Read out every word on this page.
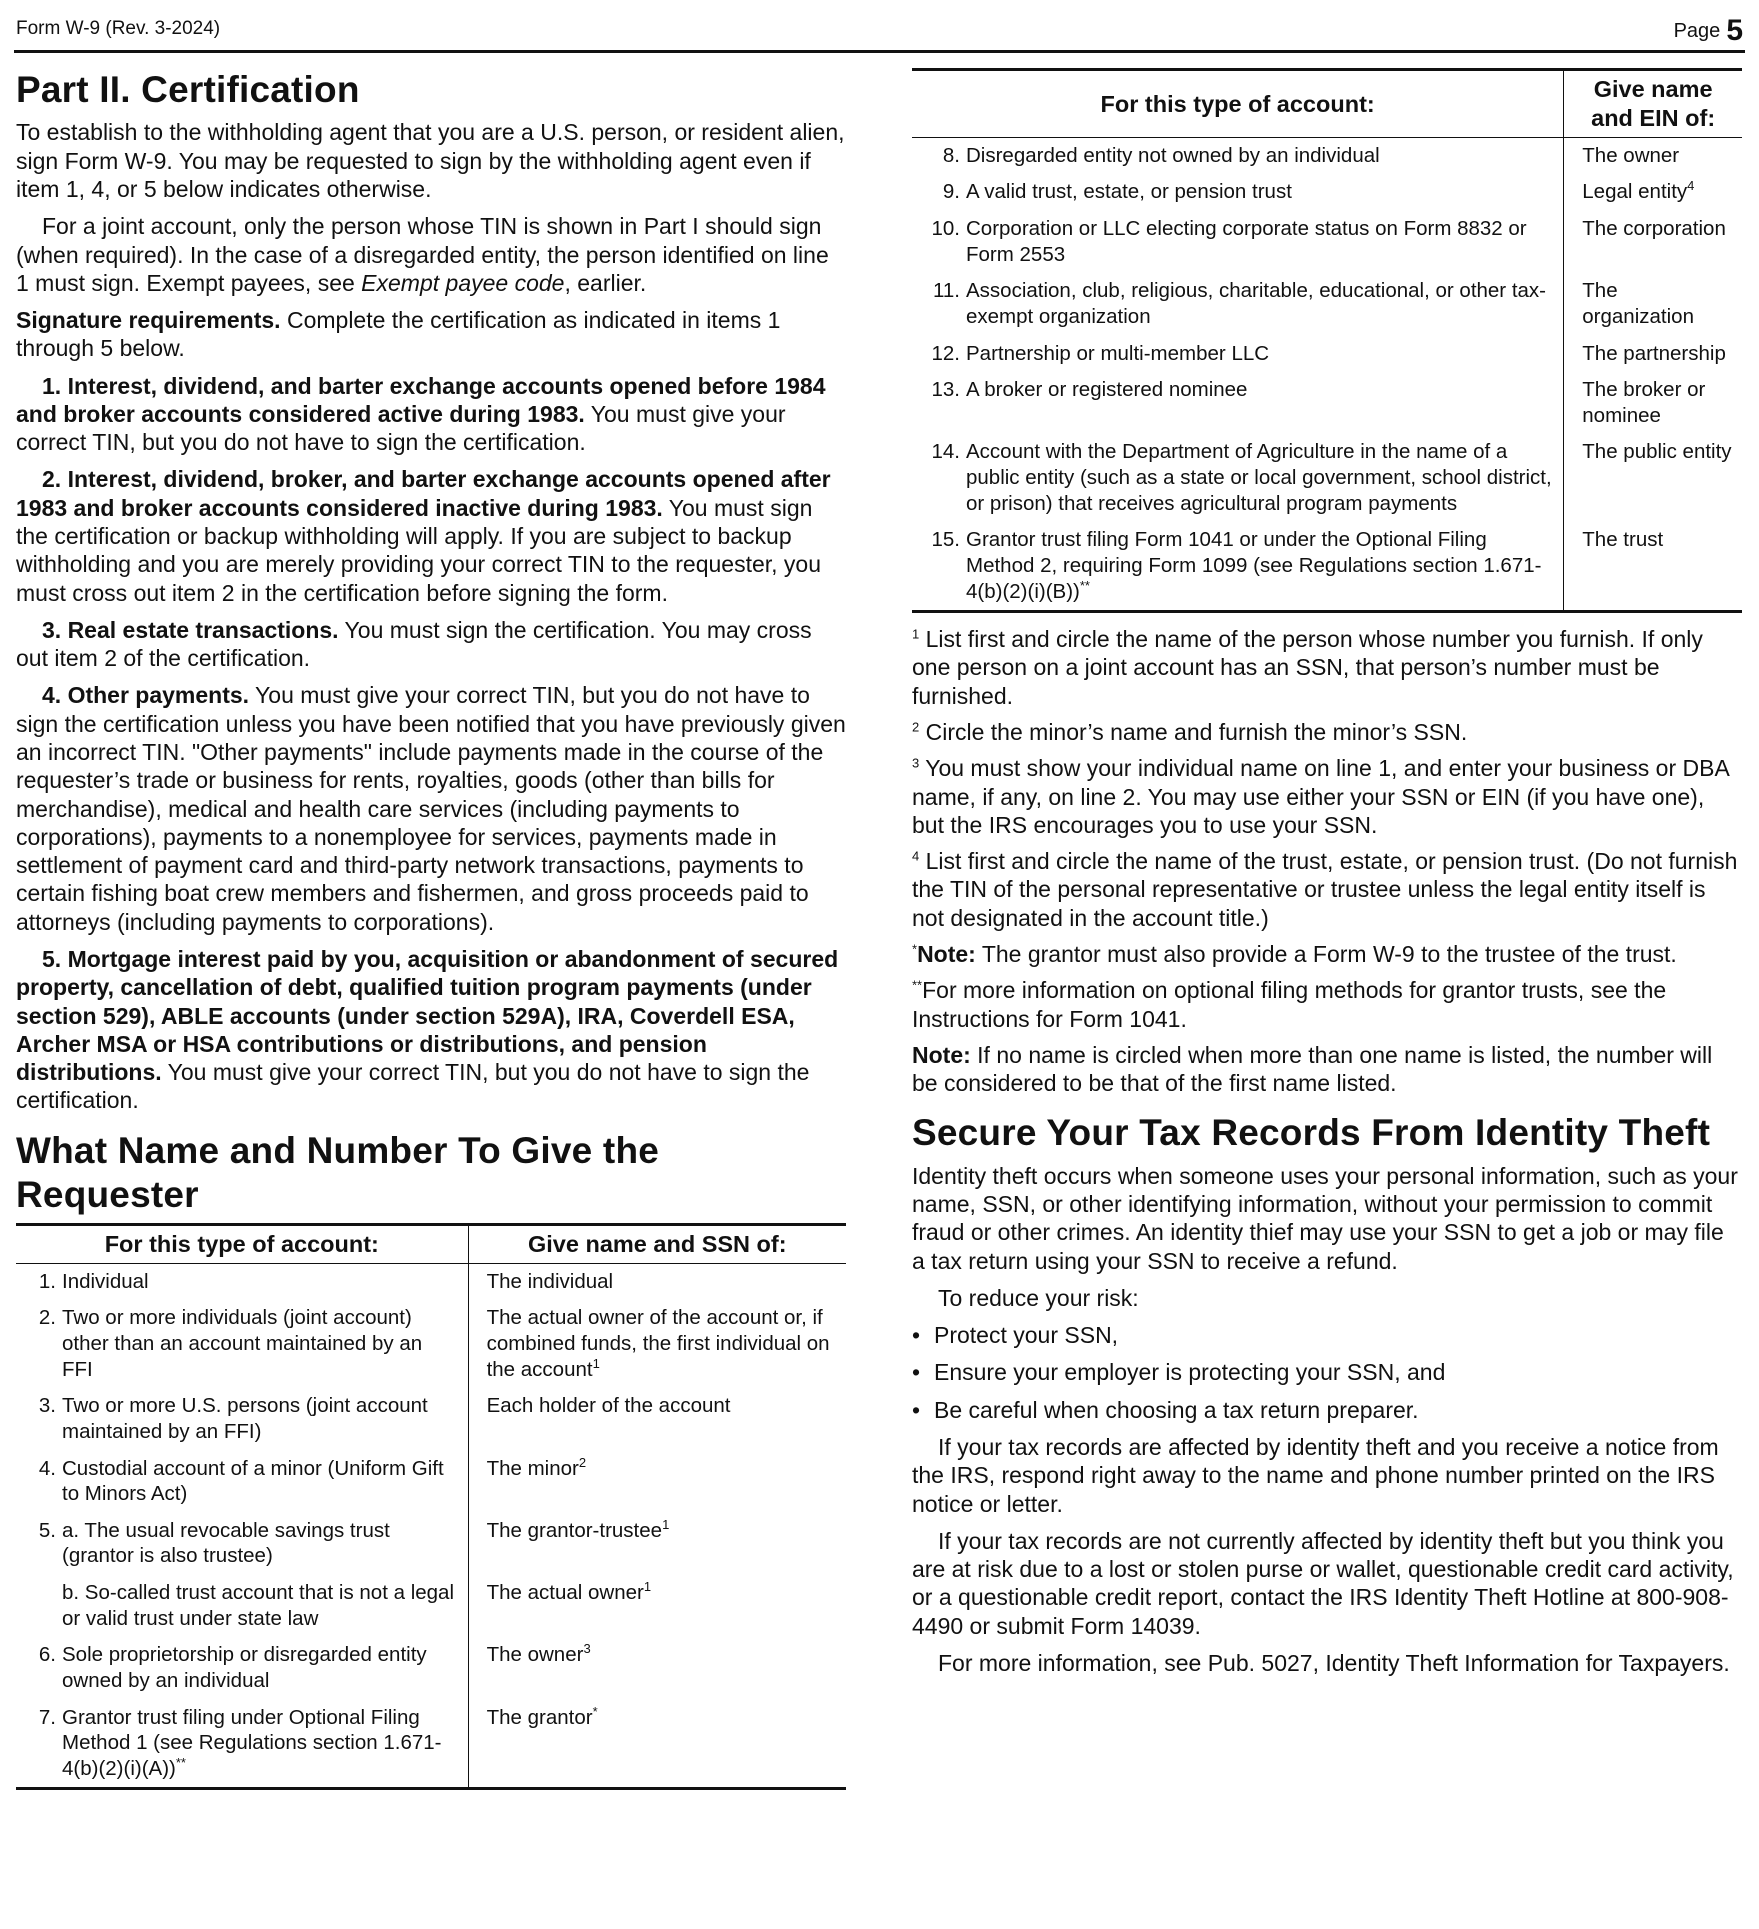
Form W-9 (Rev. 3-2024)	Page 5
Part II. Certification

To establish to the withholding agent that you are a U.S. person, or resident alien, sign Form W-9. You may be requested to sign by the withholding agent even if item 1, 4, or 5 below indicates otherwise.

For a joint account, only the person whose TIN is shown in Part I should sign (when required). In the case of a disregarded entity, the person identified on line 1 must sign. Exempt payees, see Exempt payee code, earlier.

Signature requirements. Complete the certification as indicated in items 1 through 5 below.

1. Interest, dividend, and barter exchange accounts opened before 1984 and broker accounts considered active during 1983. You must give your correct TIN, but you do not have to sign the certification.

2. Interest, dividend, broker, and barter exchange accounts opened after 1983 and broker accounts considered inactive during 1983. You must sign the certification or backup withholding will apply. If you are subject to backup withholding and you are merely providing your correct TIN to the requester, you must cross out item 2 in the certification before signing the form.

3. Real estate transactions. You must sign the certification. You may cross out item 2 of the certification.

4. Other payments. You must give your correct TIN, but you do not have to sign the certification unless you have been notified that you have previously given an incorrect TIN. "Other payments" include payments made in the course of the requester’s trade or business for rents, royalties, goods (other than bills for merchandise), medical and health care services (including payments to corporations), payments to a nonemployee for services, payments made in settlement of payment card and third-party network transactions, payments to certain fishing boat crew members and fishermen, and gross proceeds paid to attorneys (including payments to corporations).

5. Mortgage interest paid by you, acquisition or abandonment of secured property, cancellation of debt, qualified tuition program payments (under section 529), ABLE accounts (under section 529A), IRA, Coverdell ESA, Archer MSA or HSA contributions or distributions, and pension distributions. You must give your correct TIN, but you do not have to sign the certification.

What Name and Number To Give the Requester
For this type of account:	Give name and SSN of:

1. Individual	The individual

2. Two or more individuals (joint account) other than an account maintained by an FFI	The actual owner of the account or, if combined funds, the first individual on the account$^1$

3. Two or more U.S. persons (joint account maintained by an FFI)	Each holder of the account

4. Custodial account of a minor (Uniform Gift to Minors Act)	The minor$^2$

5. a. The usual revocable savings trust (grantor is also trustee)	The grantor-trustee$^1$

b. So-called trust account that is not a legal or valid trust under state law	The actual owner$^1$

6. Sole proprietorship or disregarded entity owned by an individual	The owner$^3$

7. Grantor trust filing under Optional Filing Method 1 (see Regulations section 1.671-4(b)(2)(i)(A))**	The grantor*
For this type of account:	Give name and EIN of:

8. Disregarded entity not owned by an individual	The owner

9. A valid trust, estate, or pension trust	Legal entity$^4$

10. Corporation or LLC electing corporate status on Form 8832 or Form 2553	The corporation

11. Association, club, religious, charitable, educational, or other tax-exempt organization	The organization

12. Partnership or multi-member LLC	The partnership

13. A broker or registered nominee	The broker or nominee

14. Account with the Department of Agriculture in the name of a public entity (such as a state or local government, school district, or prison) that receives agricultural program payments	The public entity

15. Grantor trust filing Form 1041 or under the Optional Filing Method 2, requiring Form 1099 (see Regulations section 1.671-4(b)(2)(i)(B))**	The trust

$^1$ List first and circle the name of the person whose number you furnish. If only one person on a joint account has an SSN, that person’s number must be furnished.

$^2$ Circle the minor’s name and furnish the minor’s SSN.

$^3$ You must show your individual name on line 1, and enter your business or DBA name, if any, on line 2. You may use either your SSN or EIN (if you have one), but the IRS encourages you to use your SSN.

$^4$ List first and circle the name of the trust, estate, or pension trust. (Do not furnish the TIN of the personal representative or trustee unless the legal entity itself is not designated in the account title.)

*Note: The grantor must also provide a Form W-9 to the trustee of the trust.

**For more information on optional filing methods for grantor trusts, see the Instructions for Form 1041.

Note: If no name is circled when more than one name is listed, the number will be considered to be that of the first name listed.

Secure Your Tax Records From Identity Theft

Identity theft occurs when someone uses your personal information, such as your name, SSN, or other identifying information, without your permission to commit fraud or other crimes. An identity thief may use your SSN to get a job or may file a tax return using your SSN to receive a refund.

To reduce your risk:

• Protect your SSN,
• Ensure your employer is protecting your SSN, and
• Be careful when choosing a tax return preparer.

If your tax records are affected by identity theft and you receive a notice from the IRS, respond right away to the name and phone number printed on the IRS notice or letter.

If your tax records are not currently affected by identity theft but you think you are at risk due to a lost or stolen purse or wallet, questionable credit card activity, or a questionable credit report, contact the IRS Identity Theft Hotline at 800-908-4490 or submit Form 14039.

For more information, see Pub. 5027, Identity Theft Information for Taxpayers.
